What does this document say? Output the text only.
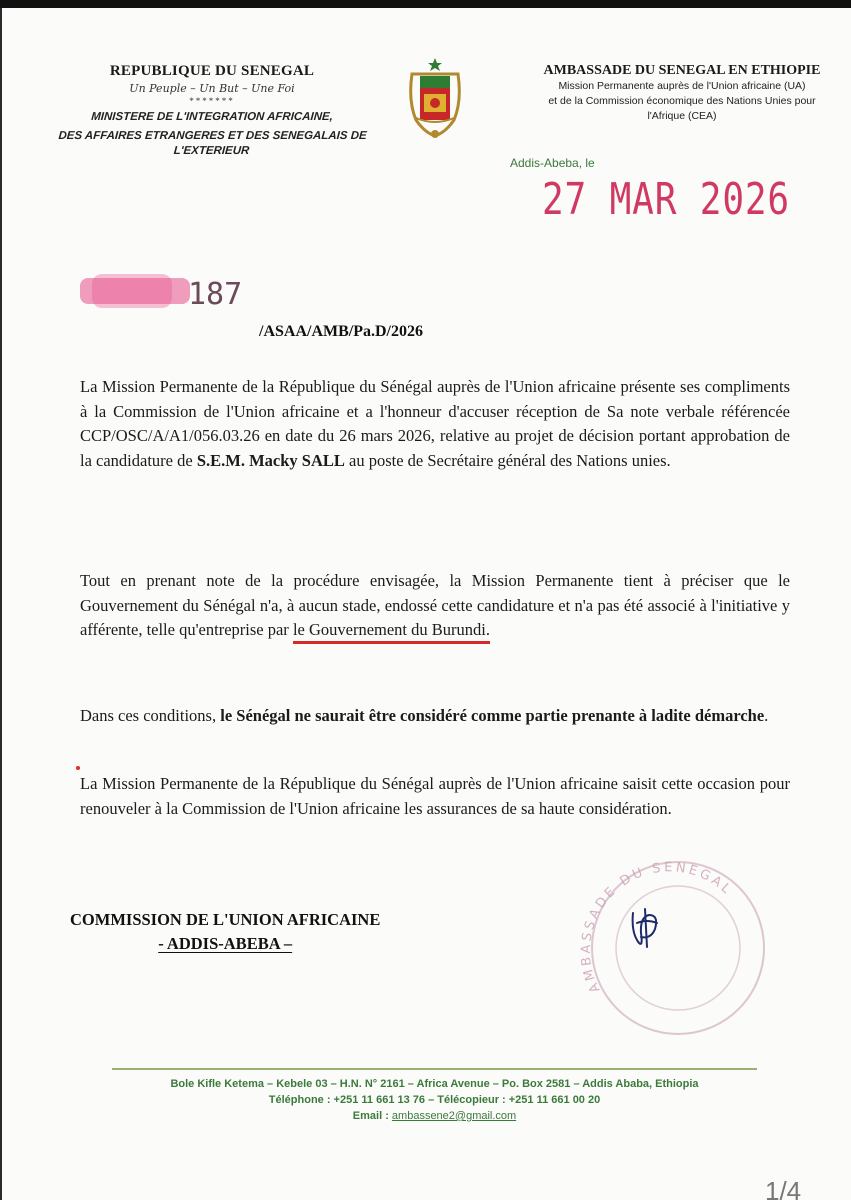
REPUBLIQUE DU SENEGAL
Un Peuple – Un But – Une Foi
*******
MINISTERE DE L'INTEGRATION AFRICAINE,
DES AFFAIRES ETRANGERES ET DES SENEGALAIS DE L'EXTERIEUR
AMBASSADE DU SENEGAL EN ETHIOPIE
Mission Permanente auprès de l'Union africaine (UA)
et de la Commission économique des Nations Unies pour
l'Afrique (CEA)
Addis-Abeba, le
27 MAR 2026
187
/ASAA/AMB/Pa.D/2026
La Mission Permanente de la République du Sénégal auprès de l'Union africaine présente ses compliments à la Commission de l'Union africaine et a l'honneur d'accuser réception de Sa note verbale référencée CCP/OSC/A/A1/056.03.26 en date du 26 mars 2026, relative au projet de décision portant approbation de la candidature de S.E.M. Macky SALL au poste de Secrétaire général des Nations unies.
Tout en prenant note de la procédure envisagée, la Mission Permanente tient à préciser que le Gouvernement du Sénégal n'a, à aucun stade, endossé cette candidature et n'a pas été associé à l'initiative y afférente, telle qu'entreprise par le Gouvernement du Burundi.
Dans ces conditions, le Sénégal ne saurait être considéré comme partie prenante à ladite démarche.
La Mission Permanente de la République du Sénégal auprès de l'Union africaine saisit cette occasion pour renouveler à la Commission de l'Union africaine les assurances de sa haute considération.
AMBASSADE DU SENEGAL
COMMISSION DE L'UNION AFRICAINE
- ADDIS-ABEBA –
Bole Kifle Ketema – Kebele 03 – H.N. N° 2161 – Africa Avenue – Po. Box 2581 – Addis Ababa, Ethiopia
Téléphone : +251 11 661 13 76 – Télécopieur : +251 11 661 00 20
Email : ambassene2@gmail.com
1/4
